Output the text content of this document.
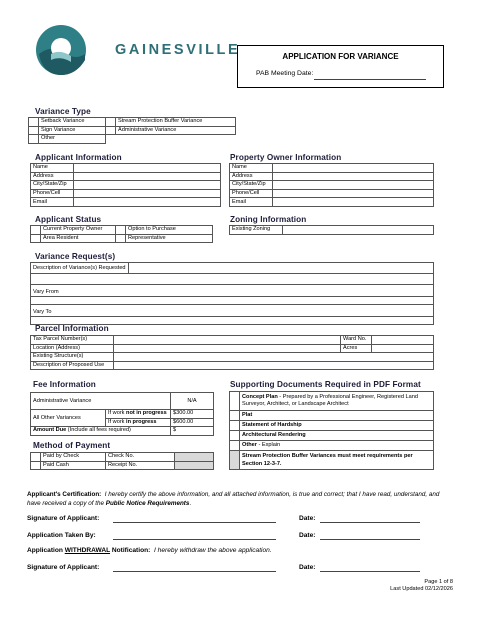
GAINESVILLE	APPLICATION FOR VARIANCE
PAB Meeting Date:
Variance Type
	Setback Variance		Stream Protection Buffer Variance
	Sign Variance		Administrative Variance
	Other		
Applicant Information
Name	
Address	
City/State/Zip	
Phone/Cell	
Email	
Property Owner Information
Name	
Address	
City/State/Zip	
Phone/Cell	
Email	
Applicant Status
	Current Property Owner		Option to Purchase
	Area Resident		Representative
Zoning Information
Existing Zoning	
Variance Request(s)
Description of Variance(s) Requested	

Vary From

Vary To

Parcel Information
Tax Parcel Number(s)		Ward No.	
Location (Address)		Acres	
Existing Structure(s)			
Description of Proposed Use			
Fee Information
Administrative Variance		N/A
All Other Variances	If work not in progress	$300.00
	If work in progress	$600.00
Amount Due (Include all fees required)		$
Method of Payment
	Paid by Check	Check No.	
	Paid Cash	Receipt No.	
Supporting Documents Required in PDF Format
	Concept Plan - Prepared by a Professional Engineer, Registered Land Surveyor, Architect, or Landscape Architect
	Plat
	Statement of Hardship
	Architectural Rendering
	Other - Explain
	Stream Protection Buffer Variances must meet requirements per Section 12-3-7.
Applicant's Certification: I hereby certify the above information, and all attached information, is true and correct; that I have read, understand, and have received a copy of the Public Notice Requirements.
Signature of Applicant:	Date:
Application Taken By:	Date:
Application WITHDRAWAL Notification: I hereby withdraw the above application.
Signature of Applicant:	Date:
Page 1 of 8
Last Updated 02/12/2026
